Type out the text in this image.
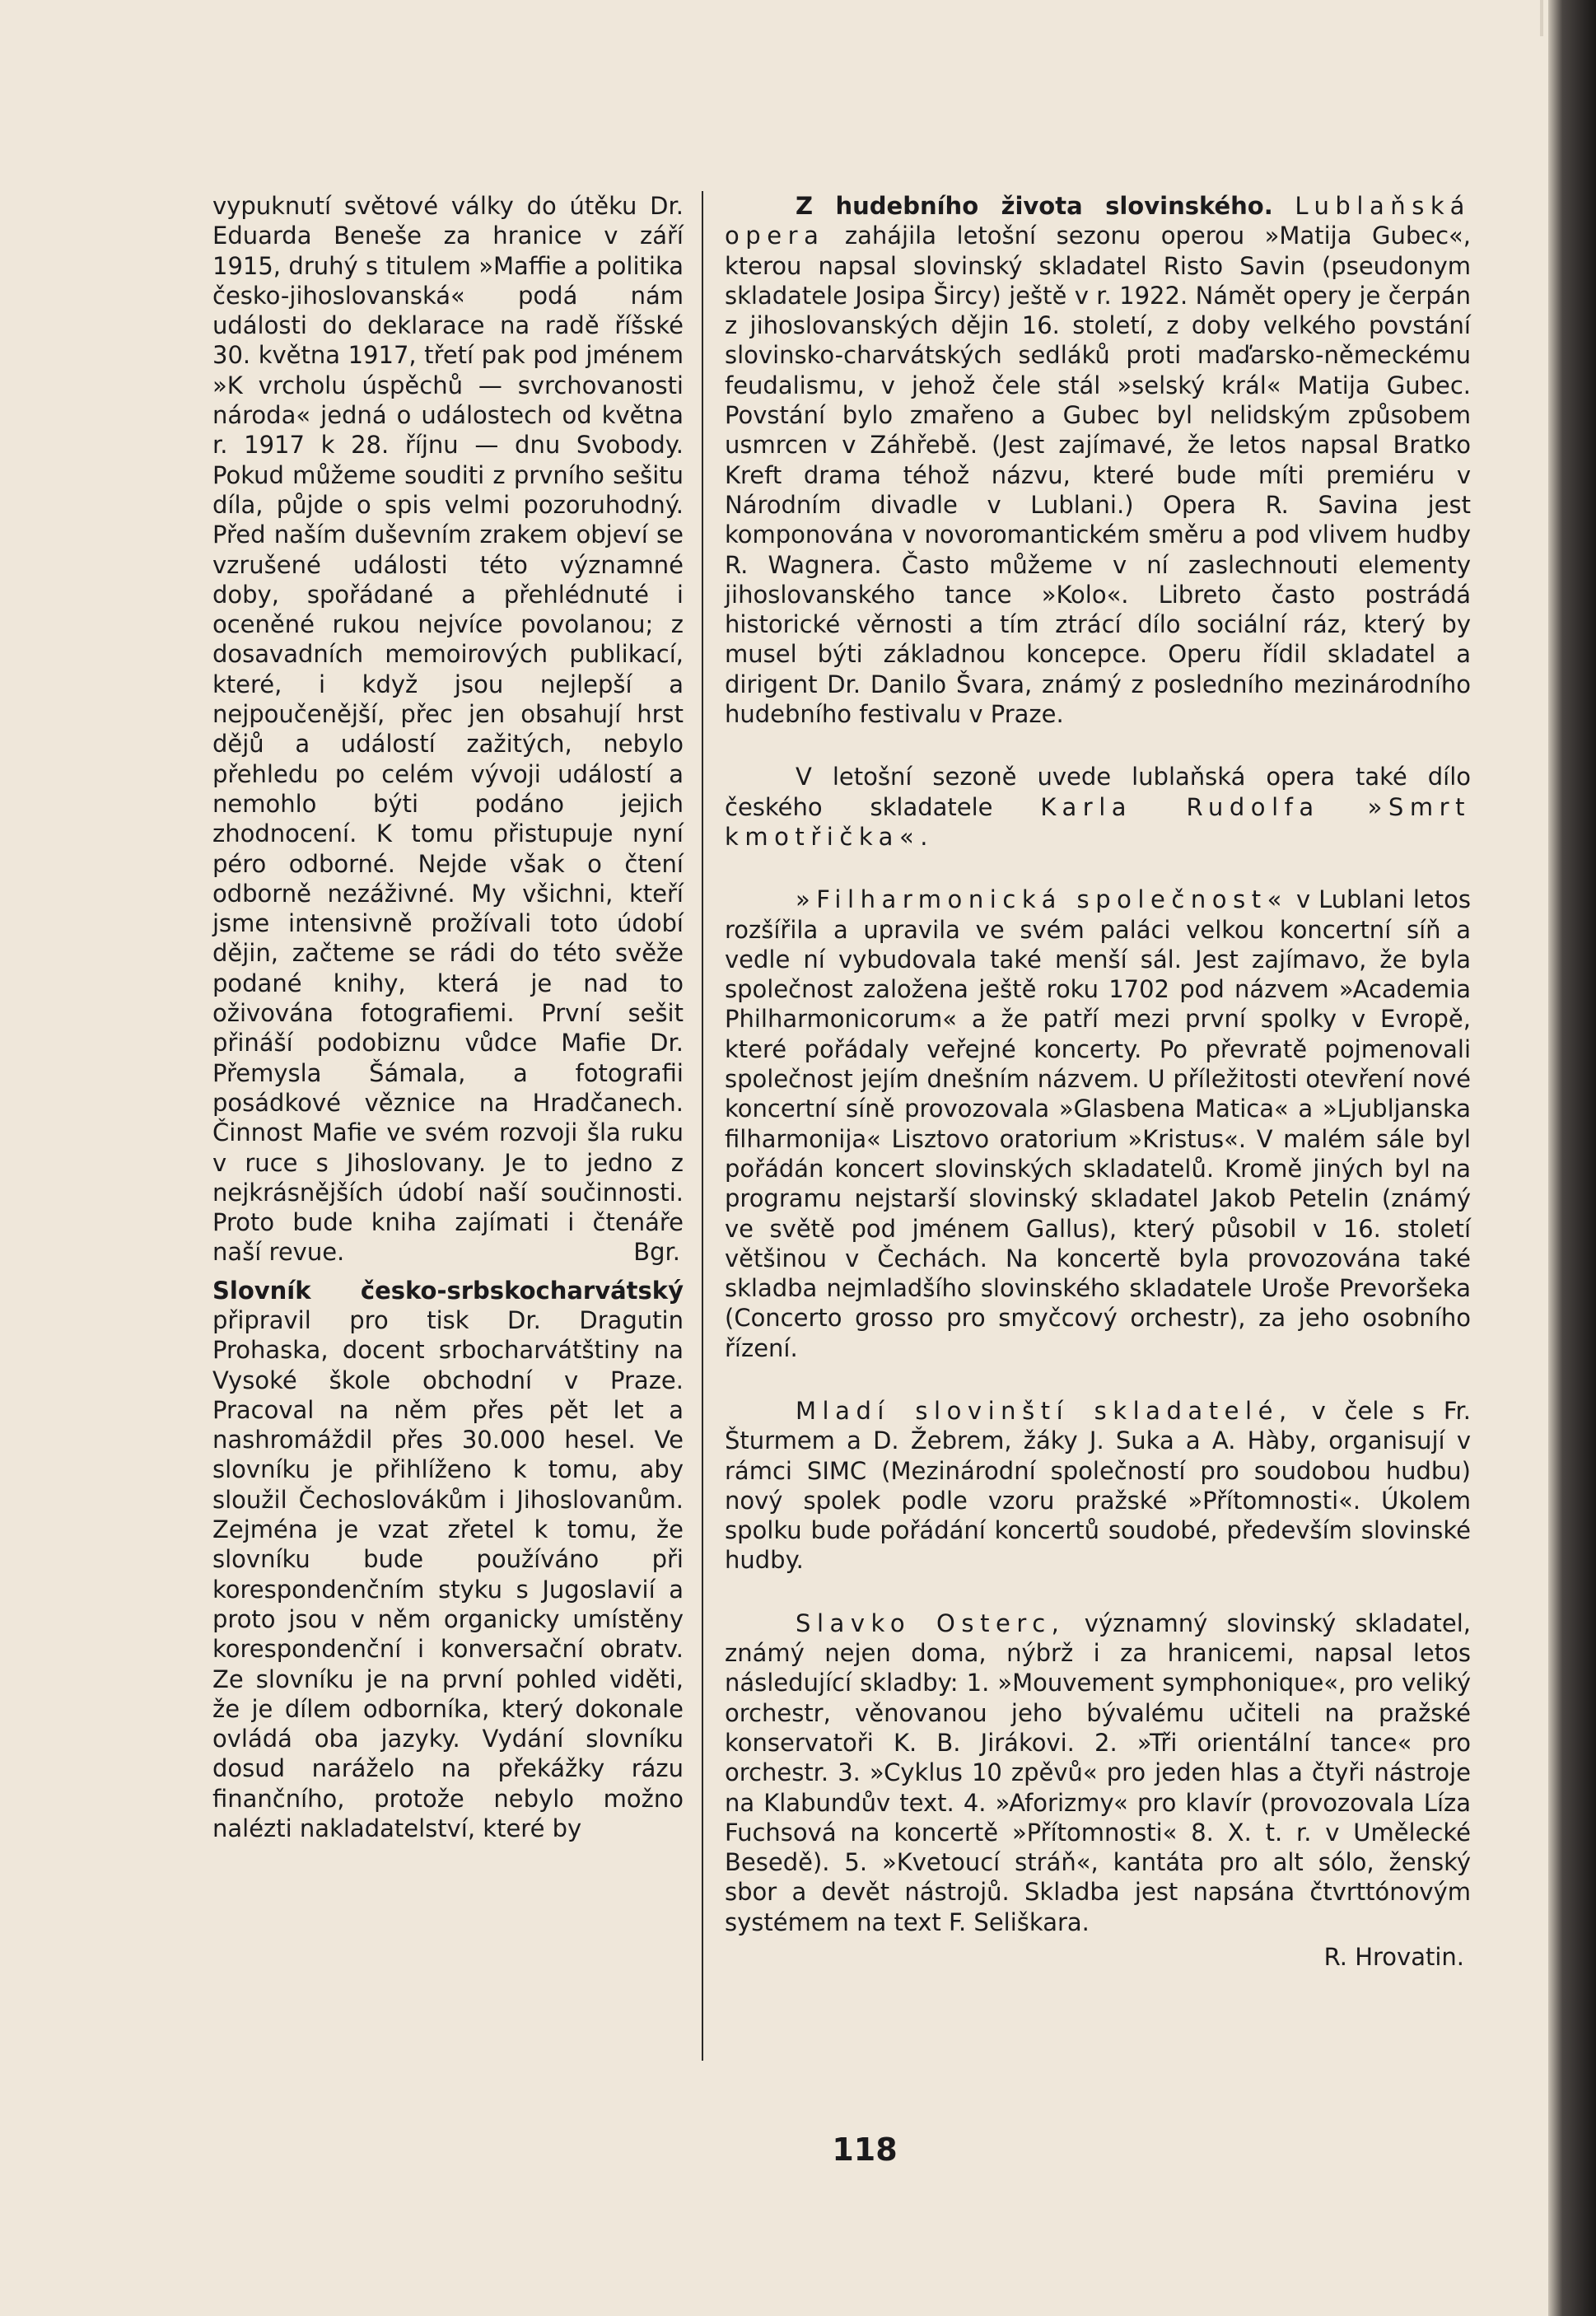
vypuknutí světové války do útěku Dr. Eduarda Beneše za hranice v září 1915, druhý s titulem »Maffie a politika česko-jihoslovanská« podá nám události do deklarace na radě říšské 30. května 1917, třetí pak pod jménem »K vrcholu úspěchů — svrchovanosti národa« jedná o událostech od května r. 1917 k 28. říjnu — dnu Svobody. Pokud můžeme souditi z prvního sešitu díla, půjde o spis velmi pozoruhodný. Před naším duševním zrakem objeví se vzrušené události této významné doby, spořádané a přehlédnuté i oceněné rukou nejvíce povolanou; z dosavadních memoirových publikací, které, i když jsou nejlepší a nejpoučenější, přec jen obsahují hrst dějů a událostí zažitých, nebylo přehledu po celém vývoji událostí a nemohlo býti podáno jejich zhodnocení. K tomu přistupuje nyní péro odborné. Nejde však o čtení odborně nezáživné. My všichni, kteří jsme intensivně prožívali toto údobí dějin, začteme se rádi do této svěže podané knihy, která je nad to oživována fotografiemi. První sešit přináší podobiznu vůdce Mafie Dr. Přemysla Šámala, a fotografii posádkové věznice na Hradčanech. Činnost Mafie ve svém rozvoji šla ruku v ruce s Jihoslovany. Je to jedno z nejkrásnějších údobí naší součinnosti. Proto bude kniha zajímati i čtenáře naší revue.	Bgr.

Slovník česko-srbskocharvátský připravil pro tisk Dr. Dragutin Prohaska, docent srbocharvátštiny na Vysoké škole obchodní v Praze. Pracoval na něm přes pět let a nashromáždil přes 30.000 hesel. Ve slovníku je přihlíženo k tomu, aby sloužil Čechoslovákům i Jihoslovanům. Zejména je vzat zřetel k tomu, že slovníku bude používáno při korespondenčním styku s Jugoslavií a proto jsou v něm organicky umístěny korespondenční i konversační obratv. Ze slovníku je na první pohled viděti, že je dílem odborníka, který dokonale ovládá oba jazyky. Vydání slovníku dosud naráželo na překážky rázu finančního, protože nebylo možno nalézti nakladatelství, které by

Z hudebního života slovinského. Lublaňská opera zahájila letošní sezonu operou »Matija Gubec«, kterou napsal slovinský skladatel Risto Savin (pseudonym skladatele Josipa Šircy) ještě v r. 1922. Námět opery je čerpán z jihoslovanských dějin 16. století, z doby velkého povstání slovinsko-charvátských sedláků proti maďarsko-německému feudalismu, v jehož čele stál »selský král« Matija Gubec. Povstání bylo zmařeno a Gubec byl nelidským způsobem usmrcen v Záhřebě. (Jest zajímavé, že letos napsal Bratko Kreft drama téhož názvu, které bude míti premiéru v Národním divadle v Lublani.) Opera R. Savina jest komponována v novoromantickém směru a pod vlivem hudby R. Wagnera. Často můžeme v ní zaslechnouti elementy jihoslovanského tance »Kolo«. Libreto často postrádá historické věrnosti a tím ztrácí dílo sociální ráz, který by musel býti základnou koncepce. Operu řídil skladatel a dirigent Dr. Danilo Švara, známý z posledního mezinárodního hudebního festivalu v Praze.

V letošní sezoně uvede lublaňská opera také dílo českého skladatele Karla Rudolfa »Smrt kmotřička«.

»Filharmonická společnost« v Lublani letos rozšířila a upravila ve svém paláci velkou koncertní síň a vedle ní vybudovala také menší sál. Jest zajímavo, že byla společnost založena ještě roku 1702 pod názvem »Academia Philharmonicorum« a že patří mezi první spolky v Evropě, které pořádaly veřejné koncerty. Po převratě pojmenovali společnost jejím dnešním názvem. U příležitosti otevření nové koncertní síně provozovala »Glasbena Matica« a »Ljubljanska filharmonija« Lisztovo oratorium »Kristus«. V malém sále byl pořádán koncert slovinských skladatelů. Kromě jiných byl na programu nejstarší slovinský skladatel Jakob Petelin (známý ve světě pod jménem Gallus), který působil v 16. století většinou v Čechách. Na koncertě byla provozována také skladba nejmladšího slovinského skladatele Uroše Prevoršeka (Concerto grosso pro smyčcový orchestr), za jeho osobního řízení.

Mladí slovinští skladatelé, v čele s Fr. Šturmem a D. Žebrem, žáky J. Suka a A. Hàby, organisují v rámci SIMC (Mezinárodní společností pro soudobou hudbu) nový spolek podle vzoru pražské »Přítomnosti«. Úkolem spolku bude pořádání koncertů soudobé, především slovinské hudby.

Slavko Osterc, významný slovinský skladatel, známý nejen doma, nýbrž i za hranicemi, napsal letos následující skladby: 1. »Mouvement symphonique«, pro veliký orchestr, věnovanou jeho bývalému učiteli na pražské konservatoři K. B. Jirákovi. 2. »Tři orientální tance« pro orchestr. 3. »Cyklus 10 zpěvů« pro jeden hlas a čtyři nástroje na Klabundův text. 4. »Aforizmy« pro klavír (provozovala Líza Fuchsová na koncertě »Přítomnosti« 8. X. t. r. v Umělecké Besedě). 5. »Kvetoucí stráň«, kantáta pro alt sólo, ženský sbor a devět nástrojů. Skladba jest napsána čtvrttónovým systémem na text F. Seliškara.

R. Hrovatin.

118
